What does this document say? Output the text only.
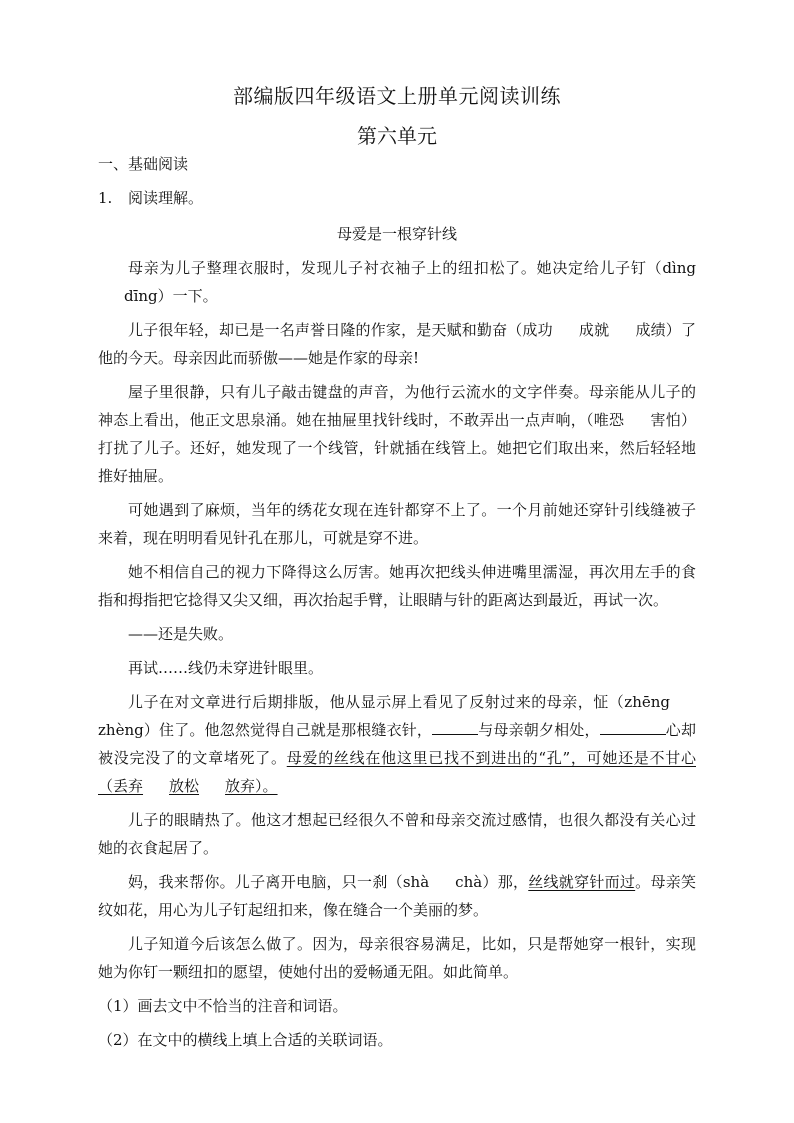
部编版四年级语文上册单元阅读训练
第六单元
一、基础阅读
1. 阅读理解。
母爱是一根穿针线

母亲为儿子整理衣服时，发现儿子衬衣袖子上的纽扣松了。她决定给儿子钉（dìngdīng）一下。

儿子很年轻，却已是一名声誉日隆的作家，是天赋和勤奋（成功 成就 成绩）了他的今天。母亲因此而骄傲——她是作家的母亲!

屋子里很静，只有儿子敲击键盘的声音，为他行云流水的文字伴奏。母亲能从儿子的神态上看出，他正文思泉涌。她在抽屉里找针线时，不敢弄出一点声响，（唯恐 害怕）打扰了儿子。还好，她发现了一个线管，针就插在线管上。她把它们取出来，然后轻轻地推好抽屉。

可她遇到了麻烦，当年的绣花女现在连针都穿不上了。一个月前她还穿针引线缝被子来着，现在明明看见针孔在那儿，可就是穿不进。

她不相信自己的视力下降得这么厉害。她再次把线头伸进嘴里濡湿，再次用左手的食指和拇指把它捻得又尖又细，再次抬起手臂，让眼睛与针的距离达到最近，再试一次。

——还是失败。

再试……线仍未穿进针眼里。

儿子在对文章进行后期排版，他从显示屏上看见了反射过来的母亲，怔（zhēngzhèng）住了。他忽然觉得自己就是那根缝衣针，	与母亲朝夕相处，	心却被没完没了的文章堵死了。母爱的丝线在他这里已找不到进出的“孔”，可她还是不甘心（丢弃 放松 放弃）。

儿子的眼睛热了。他这才想起已经很久不曾和母亲交流过感情，也很久都没有关心过她的衣食起居了。

妈，我来帮你。儿子离开电脑，只一刹（shà chà）那，丝线就穿针而过。母亲笑纹如花，用心为儿子钉起纽扣来，像在缝合一个美丽的梦。

儿子知道今后该怎么做了。因为，母亲很容易满足，比如，只是帮她穿一根针，实现她为你钉一颗纽扣的愿望，使她付出的爱畅通无阻。如此简单。

（1）画去文中不恰当的注音和词语。

（2）在文中的横线上填上合适的关联词语。
